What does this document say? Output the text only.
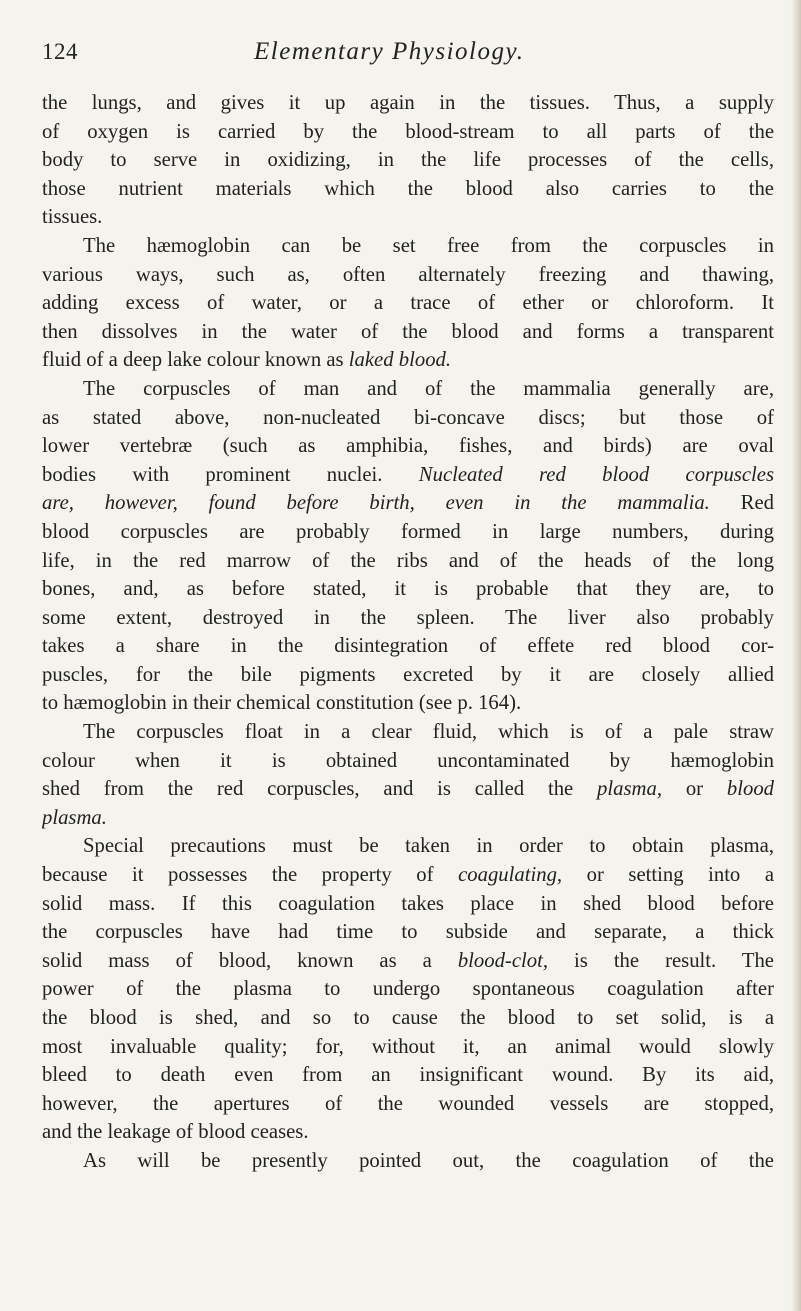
124	Elementary Physiology.
the lungs, and gives it up again in the tissues. Thus, a supply
of oxygen is carried by the blood-stream to all parts of the
body to serve in oxidizing, in the life processes of the cells,
those nutrient materials which the blood also carries to the
tissues.
The hæmoglobin can be set free from the corpuscles in
various ways, such as, often alternately freezing and thawing,
adding excess of water, or a trace of ether or chloroform. It
then dissolves in the water of the blood and forms a transparent
fluid of a deep lake colour known as laked blood.
The corpuscles of man and of the mammalia generally are,
as stated above, non-nucleated bi-concave discs; but those of
lower vertebræ (such as amphibia, fishes, and birds) are oval
bodies with prominent nuclei. Nucleated red blood corpuscles
are, however, found before birth, even in the mammalia. Red
blood corpuscles are probably formed in large numbers, during
life, in the red marrow of the ribs and of the heads of the long
bones, and, as before stated, it is probable that they are, to
some extent, destroyed in the spleen. The liver also probably
takes a share in the disintegration of effete red blood cor-
puscles, for the bile pigments excreted by it are closely allied
to hæmoglobin in their chemical constitution (see p. 164).
The corpuscles float in a clear fluid, which is of a pale straw
colour when it is obtained uncontaminated by hæmoglobin
shed from the red corpuscles, and is called the plasma, or blood
plasma.
Special precautions must be taken in order to obtain plasma,
because it possesses the property of coagulating, or setting into a
solid mass. If this coagulation takes place in shed blood before
the corpuscles have had time to subside and separate, a thick
solid mass of blood, known as a blood-clot, is the result. The
power of the plasma to undergo spontaneous coagulation after
the blood is shed, and so to cause the blood to set solid, is a
most invaluable quality; for, without it, an animal would slowly
bleed to death even from an insignificant wound. By its aid,
however, the apertures of the wounded vessels are stopped,
and the leakage of blood ceases.
As will be presently pointed out, the coagulation of the
